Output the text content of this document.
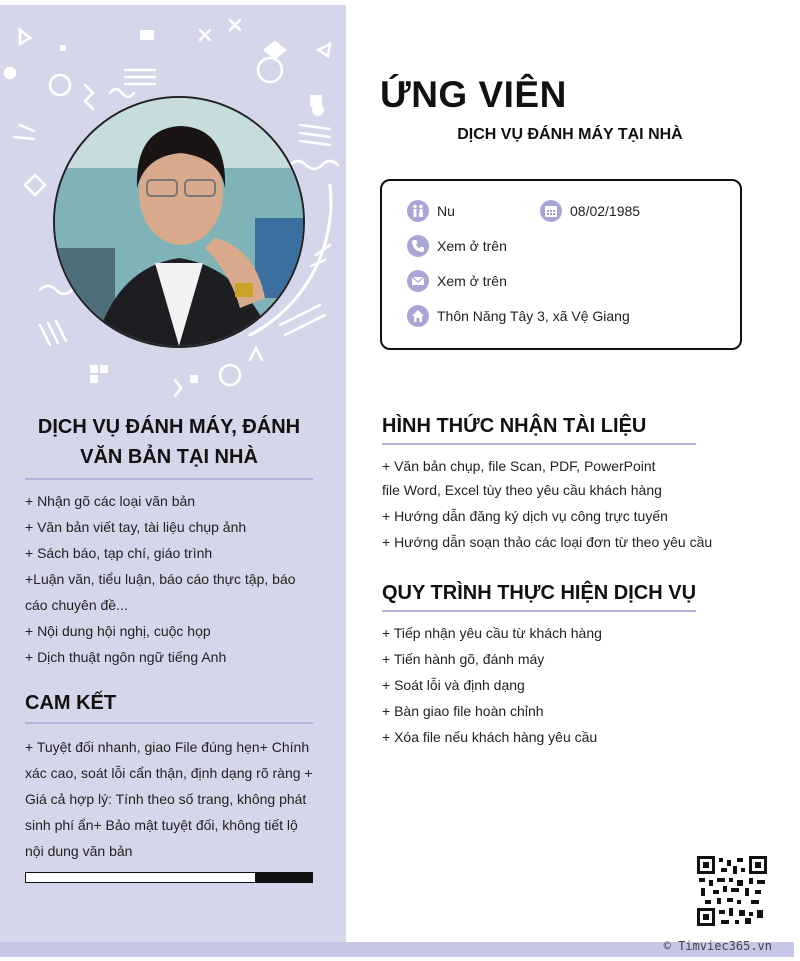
DỊCH VỤ ĐÁNH MÁY, ĐÁNH
VĂN BẢN TẠI NHÀ
+ Nhận gõ các loại văn bản
+ Văn bản viết tay, tài liệu chụp ảnh
+ Sách báo, tạp chí, giáo trình
+Luận văn, tiểu luận, báo cáo thực tập, báo cáo chuyên đề...
+ Nội dung hội nghị, cuộc họp
+ Dịch thuật ngôn ngữ tiếng Anh
CAM KẾT
+ Tuyệt đối nhanh, giao File đúng hẹn+ Chính xác cao, soát lỗi cẩn thận, định dạng rõ ràng + Giá cả hợp lý: Tính theo số trang, không phát sinh phí ẩn+ Bảo mật tuyệt đối, không tiết lộ nội dung văn bản
ỨNG VIÊN
DỊCH VỤ ĐÁNH MÁY TẠI NHÀ
Nu	08/02/1985
Xem ở trên
Xem ở trên
Thôn Năng Tây 3, xã Vệ Giang
HÌNH THỨC NHẬN TÀI LIỆU
+ Văn bản chụp, file Scan, PDF, PowerPoint
file Word, Excel tùy theo yêu cầu khách hàng
+ Hướng dẫn đăng ký dịch vụ công trực tuyến
+ Hướng dẫn soạn thảo các loại đơn từ theo yêu cầu
QUY TRÌNH THỰC HIỆN DỊCH VỤ
+ Tiếp nhận yêu cầu từ khách hàng
+ Tiến hành gõ, đánh máy
+ Soát lỗi và định dạng
+ Bàn giao file hoàn chỉnh
+ Xóa file nếu khách hàng yêu cầu
© Timviec365.vn
